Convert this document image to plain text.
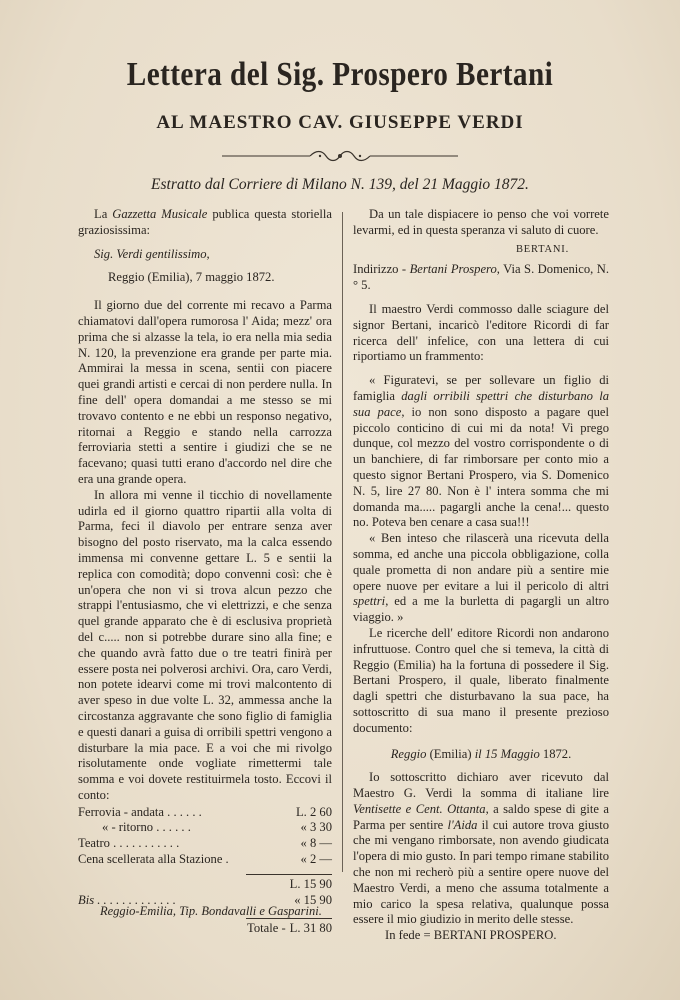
Lettera del Sig. Prospero Bertani
AL MAESTRO CAV. GIUSEPPE VERDI
Estratto dal Corriere di Milano N. 139, del 21 Maggio 1872.

La Gazzetta Musicale publica questa storiella graziosissima:

Sig. Verdi gentilissimo,

Reggio (Emilia), 7 maggio 1872.

Il giorno due del corrente mi recavo a Parma chiamatovi dall'opera rumorosa l' Aida; mezz' ora prima che si alzasse la tela, io era nella mia sedia N. 120, la prevenzione era grande per parte mia. Ammirai la messa in scena, sentii con piacere quei grandi artisti e cercai di non perdere nulla. In fine dell' opera domandai a me stesso se mi trovavo contento e ne ebbi un responso negativo, ritornai a Reggio e stando nella carrozza ferroviaria stetti a sentire i giudizi che se ne facevano; quasi tutti erano d'accordo nel dire che era una grande opera.

In allora mi venne il ticchio di novellamente udirla ed il giorno quattro ripartii alla volta di Parma, feci il diavolo per entrare senza aver bisogno del posto riservato, ma la calca essendo immensa mi convenne gettare L. 5 e sentii la replica con comodità; dopo convenni così: che è un'opera che non vi si trova alcun pezzo che strappi l'entusiasmo, che vi elettrizzi, e che senza quel grande apparato che è di esclusiva proprietà del c..... non si potrebbe durare sino alla fine; e che quando avrà fatto due o tre teatri finirà per essere posta nei polverosi archivi. Ora, caro Verdi, non potete idearvi come mi trovi malcontento di aver speso in due volte L. 32, ammessa anche la circostanza aggravante che sono figlio di famiglia e questi danari a guisa di orribili spettri vengono a disturbare la mia pace. E a voi che mi rivolgo risolutamente onde vogliate rimettermi tale somma e voi dovete restituirmela tosto. Eccovi il conto:

Ferrovia - andata . . . . . .	L. 2 60
« - ritorno . . . . . .	« 3 30
Teatro . . . . . . . . . . .	« 8 —
Cena scellerata alla Stazione .	« 2 —
L. 15 90
Bis . . . . . . . . . . . . .	« 15 90
Totale - L. 31 80

Da un tale dispiacere io penso che voi vorrete levarmi, ed in questa speranza vi saluto di cuore.

BERTANI.

Indirizzo - Bertani Prospero, Via S. Domenico, N.° 5.

Il maestro Verdi commosso dalle sciagure del signor Bertani, incaricò l'editore Ricordi di far ricerca dell' infelice, con una lettera di cui riportiamo un frammento:

« Figuratevi, se per sollevare un figlio di famiglia dagli orribili spettri che disturbano la sua pace, io non sono disposto a pagare quel piccolo conticino di cui mi da nota! Vi prego dunque, col mezzo del vostro corrispondente o di un banchiere, di far rimborsare per conto mio a questo signor Bertani Prospero, via S. Domenico N. 5, lire 27 80. Non è l' intera somma che mi domanda ma..... pagargli anche la cena!... questo no. Poteva ben cenare a casa sua!!!

« Ben inteso che rilascerà una ricevuta della somma, ed anche una piccola obbligazione, colla quale prometta di non andare più a sentire mie opere nuove per evitare a lui il pericolo di altri spettri, ed a me la burletta di pagargli un altro viaggio. »

Le ricerche dell' editore Ricordi non andarono infruttuose. Contro quel che si temeva, la città di Reggio (Emilia) ha la fortuna di possedere il Sig. Bertani Prospero, il quale, liberato finalmente dagli spettri che disturbavano la sua pace, ha sottoscritto di sua mano il presente prezioso documento:

Reggio (Emilia) il 15 Maggio 1872.

Io sottoscritto dichiaro aver ricevuto dal Maestro G. Verdi la somma di italiane lire Ventisette e Cent. Ottanta, a saldo spese di gite a Parma per sentire l'Aida il cui autore trova giusto che mi vengano rimborsate, non avendo giudicata l'opera di mio gusto. In pari tempo rimane stabilito che non mi recherò più a sentire opere nuove del Maestro Verdi, a meno che assuma totalmente a mio carico la spesa relativa, qualunque possa essere il mio giudizio in merito delle stesse.

In fede = BERTANI PROSPERO.

Reggio-Emilia, Tip. Bondavalli e Gasparini.
